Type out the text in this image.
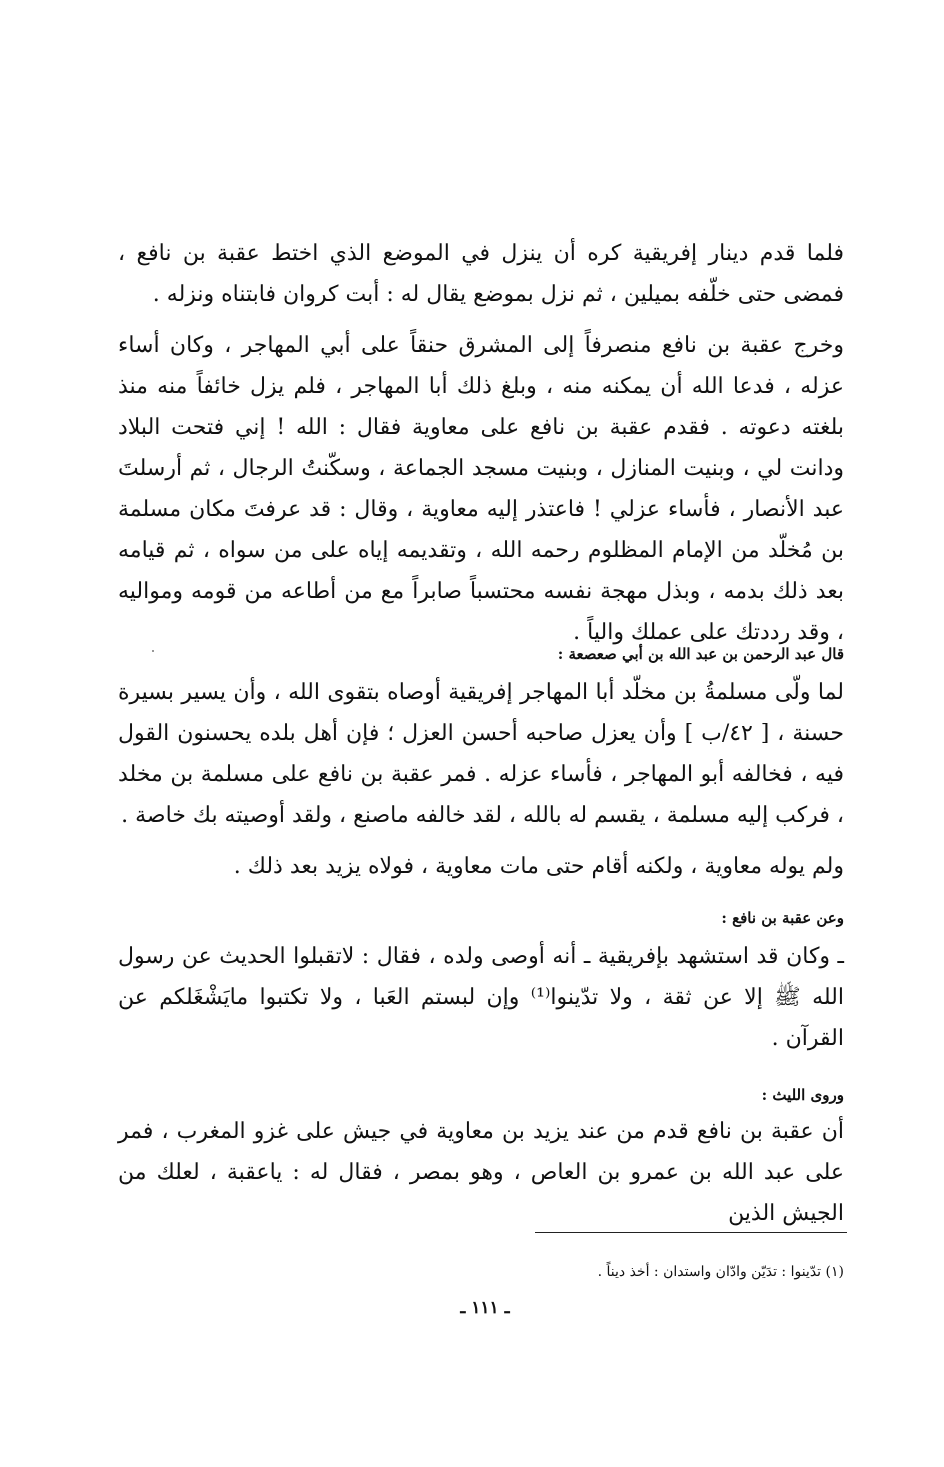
فلما قدم دينار إفريقية كره أن ينزل في الموضع الذي اختط عقبة بن نافع ، فمضى حتى خلّفه بميلين ، ثم نزل بموضع يقال له : أبت كروان فابتناه ونزله .

وخرج عقبة بن نافع منصرفاً إلى المشرق حنقاً على أبي المهاجر ، وكان أساء عزله ، فدعا الله أن يمكنه منه ، وبلغ ذلك أبا المهاجر ، فلم يزل خائفاً منه منذ بلغته دعوته . فقدم عقبة بن نافع على معاوية فقال : الله ! إني فتحت البلاد ودانت لي ، وبنيت المنازل ، وبنيت مسجد الجماعة ، وسكّنتُ الرجال ، ثم أرسلتَ عبد الأنصار ، فأساء عزلي ! فاعتذر إليه معاوية ، وقال : قد عرفتَ مكان مسلمة بن مُخلّد من الإمام المظلوم رحمه الله ، وتقديمه إياه على من سواه ، ثم قيامه بعد ذلك بدمه ، وبذل مهجة نفسه محتسباً صابراً مع من أطاعه من قومه ومواليه ، وقد رددتك على عملك والياً .

قال عبد الرحمن بن عبد الله بن أبي صعصعة :

لما ولّى مسلمةُ بن مخلّد أبا المهاجر إفريقية أوصاه بتقوى الله ، وأن يسير بسيرة حسنة ، [ ٤٢/ب ] وأن يعزل صاحبه أحسن العزل ؛ فإن أهل بلده يحسنون القول فيه ، فخالفه أبو المهاجر ، فأساء عزله . فمر عقبة بن نافع على مسلمة بن مخلد ، فركب إليه مسلمة ، يقسم له بالله ، لقد خالفه ماصنع ، ولقد أوصيته بك خاصة .

ولم يوله معاوية ، ولكنه أقام حتى مات معاوية ، فولاه يزيد بعد ذلك .

وعن عقبة بن نافع :

ـ وكان قد استشهد بإفريقية ـ أنه أوصى ولده ، فقال : لاتقبلوا الحديث عن رسول الله ﷺ إلا عن ثقة ، ولا تدّينوا⁽¹⁾ وإن لبستم العَبا ، ولا تكتبوا مايَشْغَلكم عن القرآن .

وروى الليث :

أن عقبة بن نافع قدم من عند يزيد بن معاوية في جيش على غزو المغرب ، فمر على عبد الله بن عمرو بن العاص ، وهو بمصر ، فقال له : ياعقبة ، لعلك من الجيش الذين

(١) تدّينوا : تدَيّن وادّان واستدان : أخذ ديناً .
ـ ١١١ ـ
